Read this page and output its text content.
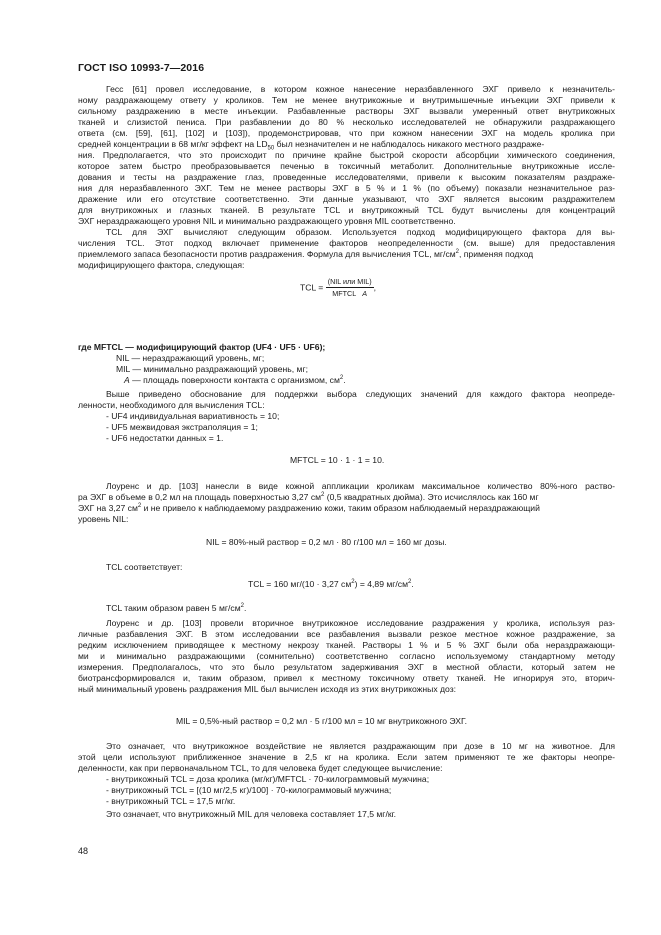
ГОСТ ISO 10993-7—2016
Гесс [61] провел исследование, в котором кожное нанесение неразбавленного ЭХГ привело к незначитель-
ному раздражающему ответу у кроликов. Тем не менее внутрикожные и внутримышечные инъекции ЭХГ привели к
сильному раздражению в месте инъекции. Разбавленные растворы ЭХГ вызвали умеренный ответ внутрикожных
тканей и слизистой пениса. При разбавлении до 80 % несколько исследователей не обнаружили раздражающего
ответа (см. [59], [61], [102] и [103]), продемонстрировав, что при кожном нанесении ЭХГ на модель кролика при
средней концентрации в 68 мг/кг эффект на $LD_{50}$ был незначителен и не наблюдалось никакого местного раздраже-
ния. Предполагается, что это происходит по причине крайне быстрой скорости абсорбции химического соединения,
которое затем быстро преобразовывается печенью в токсичный метаболит. Дополнительные внутрикожные иссле-
дования и тесты на раздражение глаз, проведенные исследователями, привели к высоким показателям раздраже-
ния для неразбавленного ЭХГ. Тем не менее растворы ЭХГ в 5 % и 1 % (по объему) показали незначительное раз-
дражение или его отсутствие соответственно. Эти данные указывают, что ЭХГ является высоким раздражителем
для внутрикожных и глазных тканей. В результате TCL и внутрикожный TCL будут вычислены для концентраций
ЭХГ нераздражающего уровня NIL и минимально раздражающего уровня MIL соответственно.
TCL для ЭХГ вычисляют следующим образом. Используется подход модифицирующего фактора для вы-
числения TCL. Этот подход включает применение факторов неопределенности (см. выше) для предоставления
приемлемого запаса безопасности против раздражения. Формула для вычисления TCL, $мг/см^2$, применяя подход
модифицирующего фактора, следующая:
TCL = $\frac{\text{(NIL или MIL)}}{\text{MFTCL A}}$ ,
где MFTCL — модифицирующий фактор (UF4 · UF5 · UF6);
NIL — нераздражающий уровень, мг;
MIL — минимально раздражающий уровень, мг;
A — площадь поверхности контакта с организмом, $см^2$.
Выше приведено обоснование для поддержки выбора следующих значений для каждого фактора неопреде-
ленности, необходимого для вычисления TCL:
- UF4 индивидуальная вариативность = 10;
- UF5 межвидовая экстраполяция = 1;
- UF6 недостатки данных = 1.
MFTCL = 10 · 1 · 1 = 10.
Лоуренс и др. [103] нанесли в виде кожной аппликации кроликам максимальное количество 80%-ного раство-
ра ЭХГ в объеме в 0,2 мл на площадь поверхностью 3,27 $см^2$ (0,5 квадратных дюйма). Это исчислялось как 160 мг
ЭХГ на 3,27 $см^2$ и не привело к наблюдаемому раздражению кожи, таким образом наблюдаемый нераздражающий
уровень NIL:
NIL = 80%-ный раствор = 0,2 мл · 80 г/100 мл = 160 мг дозы.
TCL соответствует:
TCL = 160 мг/(10 · 3,27 $см^2) = 4,89$ $мг/см^2$.
TCL таким образом равен 5 $мг/см^2$.
Лоуренс и др. [103] провели вторичное внутрикожное исследование раздражения у кролика, используя раз-
личные разбавления ЭХГ. В этом исследовании все разбавления вызвали резкое местное кожное раздражение, за
редким исключением приводящее к местному некрозу тканей. Растворы 1 % и 5 % ЭХГ были оба нераздражающи-
ми и минимально раздражающими (сомнительно) соответственно согласно используемому стандартному методу
измерения. Предполагалось, что это было результатом задерживания ЭХГ в местной области, который затем не
биотрансформировался и, таким образом, привел к местному токсичному ответу тканей. Не игнорируя это, вторич-
ный минимальный уровень раздражения MIL был вычислен исходя из этих внутрикожных доз:
MIL = 0,5%-ный раствор = 0,2 мл · 5 г/100 мл = 10 мг внутрикожного ЭХГ.
Это означает, что внутрикожное воздействие не является раздражающим при дозе в 10 мг на животное. Для
этой цели используют приближенное значение в 2,5 кг на кролика. Если затем применяют те же факторы неопре-
деленности, как при первоначальном TCL, то для человека будет следующее вычисление:
- внутрикожный TCL = доза кролика (мг/кг)/MFTCL · 70-килограммовый мужчина;
- внутрикожный TCL = [(10 мг/2,5 кг)/100] · 70-килограммовый мужчина;
- внутрикожный TCL = 17,5 мг/кг.
Это означает, что внутрикожный MIL для человека составляет 17,5 мг/кг.
48
